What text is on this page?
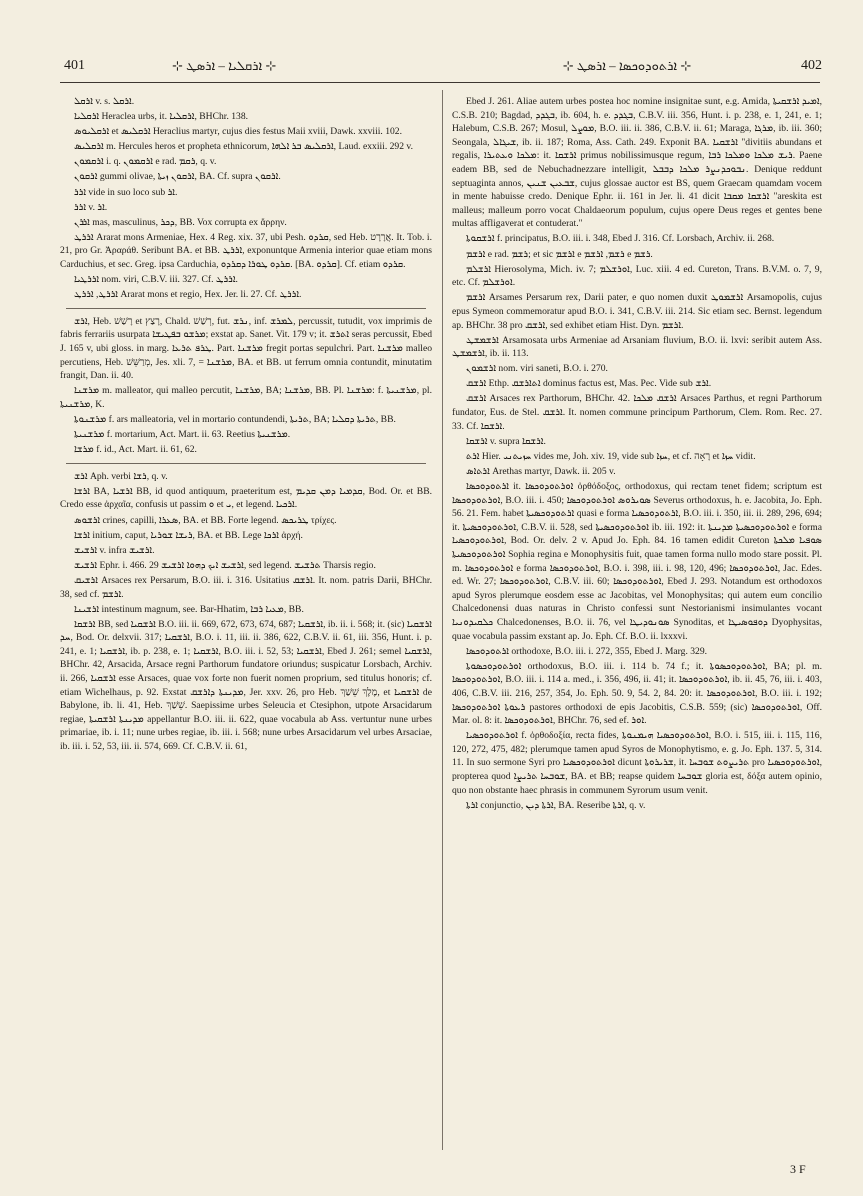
401	⊹ ܐܪܩܠܝܐ – ܐܪܣܛ ⊹	⊹ ܐܪܬܘܕܘܟܣܐ – ܐܪܣܛ ⊹	402

ܐܪܩܠ v. s. ܐܪܩܠ.

ܐܪܩܠܝܐ Heraclea urbs, it. ܐܪܩܠܝܐ, BHChr. 138.

ܐܪܩܠܝܘܣ et ܐܪܩܠܝܣ Heraclius martyr, cujus dies festus Maii xviii, Dawk. xxviii. 102.

ܐܪܩܠܝܣ m. Hercules heros et propheta ethnicorum, ܐܪܩܠܝܣ ܒܪ ܐܠܗܐ, Laud. exxiii. 292 v.

ܐܪܩܡܘܢ i. q. ܐܪܩܡܘܢ e rad. ܪܩܡ, q. v.

ܐܪܩܘܢ gummi olivae, ܐܪܩܘܢ ܙܝܬܐ, BA. Cf. supra ܐܪܩܘܢ.

ܐܪܪ vide in suo loco sub ܐܪ.

ܐܪܪ v. ܐܪ.

ܐܪܪܢ mas, masculinus, ܕܟܪ, BB. Vox corrupta ex ἄρρην.

ܐܪܪܛ Ararat mons Armeniae, Hex. 4 Reg. xix. 37, ubi Pesh. ܩܪܕܘ, sed Heb. אֲרָרָט. It. Tob. i. 21, pro Gr. Ἀραράθ. Seribunt BA. et BB. ܐܪܪܛ, exponuntque Armenia interior quae etiam mons Carduchius, et sec. Greg. ipsa Carduchia, ܩܪܕܘ ܛܘܪܐ ܕܩܪܕܘ. [BA. ܩܪܕܘ]. Cf. etiam ܩܪܕܘ.

ܐܪܪܛܝܐ nom. viri, C.B.V. iii. 327. Cf. ܐܪܪܛ.

ܐܪܪܛ, ܐܪܪܛ Ararat mons et regio, Hex. Jer. li. 27. Cf. ܐܪܪܛ.

ܐܪܫ, Heb. רָשַׁשׁ et רָצַץ, Chald. רְשַׁשׁ, fut. ܢܪܫ, inf. ܠܡܪܫ, percussit, tutudit, vox imprimis de fabris ferrariis usurpata ܡܪܫܘ ܒܦܛܝܫܐ; exstat ap. Sanet. Vit. 179 v; it. ܐܬܪܫ seras percussit, Ebed J. 165 v, ubi gloss. in marg. ܛܪܦ ܬܪܥܐ. Part. ܡܪܫܢܐ fregit portas sepulchri. Part. ܡܪܫܢܐ malleo percutiens, Heb. מְרַשֵּׁשׁ, Jes. xli. 7, = ܡܪܫܢܐ, BA. et BB. ut ferrum omnia contundit, minutatim frangit, Dan. ii. 40.

ܡܪܫܢܐ m. malleator, qui malleo percutit, ܡܪܫܢܐ, BA; ܡܪܫܢܐ, BB. Pl. ܡܪܫܢܐ: f. ܡܪܫܢܝܬܐ, pl. ܡܪܫܢܝܬܐ, K.

ܡܪܫܢܘܬܐ f. ars malleatoria, vel in mortario contundendi, ܬܪܝܬܐ, BA; ܬܪܝܬܐ ܕܩܠܝܐ, BB.

ܡܪܫܢܝܬܐ f. mortarium, Act. Mart. ii. 63. Reetius ܡܪܫܢܝܬܐ.

ܡܪܫܐ f. id., Act. Mart. ii. 61, 62.

ܐܪܫ Aph. verbi ܪܫܐ, q. v.

ܐܪܫܐ BA, ܐܪܫܝܐ BB, id quod antiquum, praeteritum est, ܩܕܡܝܐ ܕܡܢ ܩܕܝܡ, Bod. Or. et BB. Credo esse ἀρχαῖα, confusis ut passim ܘ et ܝ, et legend. ܐܪܟܝܐ.

ܐܪܫܘܣ crines, capilli, ܣܥܪܐ, BA. et BB. Forte legend. ܛܪܝܟܣ τρίχες.

ܐܪܫܐ initium, caput, ܪܝܫܐ ܫܘܪܝܐ, BA. et BB. Lege ܐܪܟܐ ἀρχή.

ܐܪܫܝܫ v. infra ܐܪܫܝܫ.

ܐܪܫܝܫ Ephr. i. 466. 29 ܐܪܫܝܫ ܐܝܟ ܕܗܘܐ ܐܪܫܝܫ, sed legend. ܬܪܫܝܫ Tharsis regio.

ܐܪܫܝܩ Arsaces rex Persarum, B.O. iii. i. 316. Usitatius ܐܪܫܩ. It. nom. patris Darii, BHChr. 38, sed cf. ܐܪܫܡ.

ܐܪܫܝܢܐ intestinum magnum, see. Bar-Hhatim, ܡܥܝܐ ܪܒܐ, BB.

ܐܪܫܩܐ BB, sed ܐܪܫܩܝܐ B.O. iii. ii. 669, 672, 673, 674, 687; ܐܪܫܩܝܐ, ib. ii. i. 568; it. (sic) ܐܪܫܩܝܐ ܚܕ, Bod. Or. delxvii. 317; ܐܪܫܩܝܐ, B.O. i. 11, iii. ii. 386, 622, C.B.V. ii. 61, iii. 356, Hunt. i. p. 241, e. 1; ܐܪܫܩܝܐ, ib. p. 238, e. 1; ܐܪܫܩܝܐ, B.O. iii. i. 52, 53; ܐܪܫܩܝܐ, Ebed J. 261; semel ܐܪܫܩܝܐ, BHChr. 42, Arsacida, Arsace regni Parthorum fundatore oriundus; suspicatur Lorsbach, Archiv. ii. 266, ܐܪܫܩܝܐ esse Arsaces, quae vox forte non fuerit nomen proprium, sed titulus honoris; cf. etiam Wichelhaus, p. 92. Exstat ܡܕܝܢܬܐ ܕܐܪܫܩ, Jer. xxv. 26, pro Heb. מֶלֶךְ שֵׁשַׁךְ, et ܐܪܫܩܝܐ de Babylone, ib. li. 41, Heb. שֵׁשַׁךְ. Saepissime urbes Seleucia et Ctesiphon, utpote Arsacidarum regiae, ܡܕܝܢܬܐ ܐܪܫܩܝܬܐ appellantur B.O. iii. ii. 622, quae vocabula ab Ass. vertuntur nune urbes primariae, ib. i. 11; nune urbes regiae, ib. iii. i. 568; nune urbes Arsacidarum vel urbes Arsaciae, ib. iii. i. 52, 53, iii. ii. 574, 669. Cf. C.B.V. ii. 61,

Ebed J. 261. Aliae autem urbes postea hoc nomine insignitae sunt, e.g. Amida, ܐܡܝܕ ܐܪܫܩܝܬܐ, C.S.B. 210; Bagdad, ܒܓܕܕ, ib. 604, h. e. ܒܓܕܕ, C.B.V. iii. 356, Hunt. i. p. 238, e. 1, 241, e. 1; Halebum, C.S.B. 267; Mosul, ܡܘܨܠ, B.O. iii. ii. 386, C.B.V. ii. 61; Maraga, ܡܪܓܐ, ib. iii. 360; Seongala, ܫܝܓܐܠ, ib. ii. 187; Roma, Ass. Cath. 249. Exponit BA. ܐܪܫܩܝܐ "divitiis abundans et regalis, ܡܠܟܐ ܘܥܬܝܪܐ: it. ܐܪܫܩܐ primus nobilissimusque regum, ܪܝܫ ܡܠܟܐ ܘܡܠܟܐ ܪܒܐ. Paene eadem BB, sed de Nebuchadnezzare intelligit, ܢܒܘܟܕܢܨܪ ܡܠܟܐ ܕܒܒܠ. Denique reddunt septuaginta annos, ܫܒܥܝܢ ܫܢܝܢ, cujus glossae auctor est BS, quem Graecam quamdam vocem in mente habuisse credo. Denique Ephr. ii. 161 in Jer. li. 41 dicit ܐܪܫܩܐ ܡܩܒܐ "areskita est malleus; malleum porro vocat Chaldaeorum populum, cujus opere Deus reges et gentes bene multas affligaverat et contuderat."

ܐܪܫܩܘܬܐ f. principatus, B.O. iii. i. 348, Ebed J. 316. Cf. Lorsbach, Archiv. ii. 268.

ܐܪܫܡ e rad. ܪܫܡ; et sic ܐܪܫܡ e ܪܫܡ, ܐܪܫܡ e ܪܫܡ.

ܐܪܫܠܡ Hierosolyma, Mich. iv. 7; ܐܘܪܫܠܡ, Luc. xiii. 4 ed. Cureton, Trans. B.V.M. o. 7, 9, etc. Cf. ܐܘܪܫܠܡ.

ܐܪܫܡ Arsames Persarum rex, Darii pater, e quo nomen duxit ܐܪܫܡܘܛ Arsamopolis, cujus epus Symeon commemoratur apud B.O. i. 341, C.B.V. iii. 214. Sic etiam sec. Bernst. legendum ap. BHChr. 38 pro ܐܪܫܩ, sed exhibet etiam Hist. Dyn. ܐܪܫܡ.

ܐܪܫܡܫܛ Arsamosata urbs Armeniae ad Arsaniam fluvium, B.O. ii. lxvi: seribit autem Ass. ܐܪܫܡܫܛ, ib. ii. 113.

ܐܪܫܡܘܢ nom. viri saneti, B.O. i. 270.

ܐܪܫܩ Ethp. ܐܬܐܪܫܩ dominus factus est, Mas. Pec. Vide sub ܐܪܫ.

ܐܪܫܩ Arsaces rex Parthorum, BHChr. 42. ܐܪܫܩ ܡܠܟܐ Arsaces Parthus, et regni Parthorum fundator, Eus. de Stel. ܐܪܫܩ. It. nomen commune principum Parthorum, Clem. Rom. Rec. 27. 33. Cf. ܐܪܫܩܐ.

ܐܪܫܩܐ v. supra ܐܪܫܩܐ.

ܐܪܬ Hier. ܚܙܝܬܢܝ vides me, Joh. xiv. 19, vide sub ܚܙܐ, et cf. רָאָה et ܚܙܐ vidit.

ܐܪܬܐܣ Arethas martyr, Dawk. ii. 205 v.

ܐܪܬܘܕܘܟܣܐ it. ܐܘܪܬܘܕܘܟܣܐ ὀρθόδοξος, orthodoxus, qui rectam tenet fidem; scriptum est ܐܘܪܬܘܕܘܟܣܐ, B.O. iii. i. 450; ܣܘܝܪܘܣ ܐܘܪܬܘܕܘܟܣܐ Severus orthodoxus, h. e. Jacobita, Jo. Eph. 56. 21. Fem. habet ܐܪܬܘܕܘܟܣܝܬܐ quasi e forma ܐܪܬܘܕܘܟܣܝܐ, B.O. iii. i. 350, iii. ii. 289, 296, 694; it. ܐܘܪܬܘܕܘܟܣܝܬܐ, C.B.V. ii. 528, sed ܐܘܪܬܘܕܘܟܣܝܬܐ ib. iii. 192: it. ܐܘܪܬܘܕܘܟܣܝܬܐ ܡܕܝܢܬܐ e forma ܐܘܪܬܘܕܘܟܣܝܐ, Bod. Or. delv. 2 v. Apud Jo. Eph. 84. 16 tamen edidit Cureton ܣܘܦܝܐ ܡܠܟܬܐ ܐܘܪܬܘܕܘܟܣܝܬܐ Sophia regina e Monophysitis fuit, quae tamen forma nullo modo stare possit. Pl. m. ܐܘܪܬܘܕܘܟܣܐ e forma ܐܘܪܬܘܕܘܟܣܐ, B.O. i. 398, iii. i. 98, 120, 496; ܐܘܪܬܘܕܘܟܣܐ, Jac. Edes. ed. Wr. 27; ܐܘܪܬܘܕܘܟܣܐ, C.B.V. iii. 60; ܐܘܪܬܘܕܘܟܣܐ, Ebed J. 293. Notandum est orthodoxos apud Syros plerumque eosdem esse ac Jacobitas, vel Monophysitas; qui autem eum concilio Chalcedonensi duas naturas in Christo confessi sunt Nestorianismi insimulantes vocant ܟܠܩܝܕܘܢܝܐ Chalcedonenses, B.O. ii. 76, vel ܣܘܢܘܕܝܛܐ Synoditas, et ܕܘܦܘܣܝܛܐ Dyophysitas, quae vocabula passim exstant ap. Jo. Eph. Cf. B.O. ii. lxxxvi.

ܐܪܬܘܕܘܟܣܐ orthodoxe, B.O. iii. i. 272, 355, Ebed J. Marg. 329.

ܐܘܪܬܘܕܘܟܣܘܬܐ orthodoxus, B.O. iii. i. 114 b. 74 f.; it. ܐܘܪܬܘܕܘܟܣܘܬܐ, BA; pl. m. ܐܘܪܬܘܕܘܟܣܐ, B.O. iii. i. 114 a. med., i. 356, 496, ii. 41; it. ܐܘܪܬܘܕܘܟܣܐ, ib. ii. 45, 76, iii. i. 403, 406, C.B.V. iii. 216, 257, 354, Jo. Eph. 50. 9, 54. 2, 84. 20: it. ܐܘܪܬܘܕܘܟܣܐ, B.O. iii. i. 192; ܪܥܘܬܐ ܐܘܪܬܘܕܘܟܣܐ pastores orthodoxi de epis Jacobitis, C.S.B. 559; (sic) ܐܘܪܬܘܕܘܟܣܐ, Off. Mar. ol. 8: it. ܐܘܪܬܘܕܘܟܣܐ, BHChr. 76, sed ef. ܐܘܪ.

ܐܘܪܬܘܕܘܟܣܝܐ f. ὀρθοδοξία, recta fides, ܐܘܪܬܘܕܘܟܣܝܐ ܗܝܡܢܘܬܐ, B.O. i. 515, iii. i. 115, 116, 120, 272, 475, 482; plerumque tamen apud Syros de Monophytismo, e. g. Jo. Eph. 137. 5, 314. 11. In suo sermone Syri pro ܐܘܪܬܘܕܘܟܣܝܐ dicunt ܫܪܝܪܘܬܐ, it. ܬܪܝܨܘܬ ܫܘܒܚܐ pro ܐܘܪܬܘܕܘܟܣܝܐ, propterea quod ܫܘܒܚܐ ܬܪܝܨܐ, BA. et BB; reapse quidem ܫܘܒܚܐ gloria est, δόξα autem opinio, quo non obstante haec phrasis in communem Syrorum usum venit.

ܐܪܬܐ conjunctio, ܐܪܬܐ ܕܝܢ, BA. Reseribe ܐܪܬܐ, q. v.

3 F
